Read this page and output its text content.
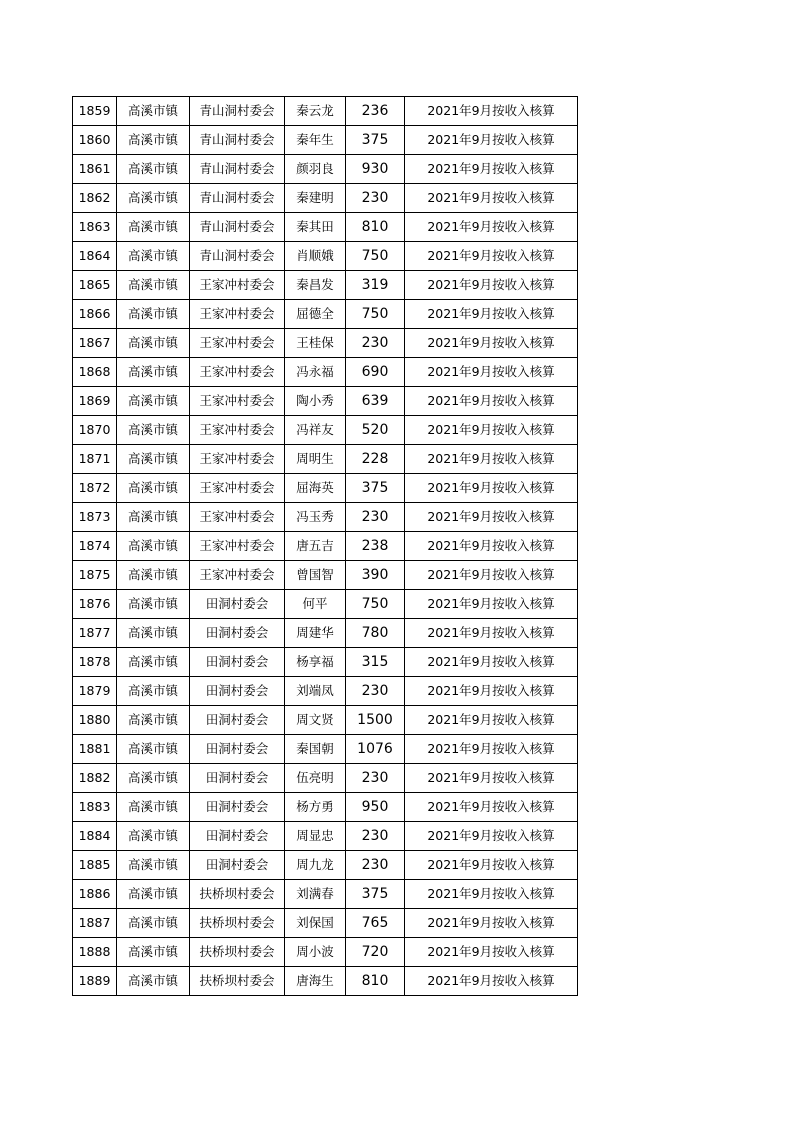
1859	高溪市镇	青山洞村委会	秦云龙	236	2021年9月按收入核算
1860	高溪市镇	青山洞村委会	秦年生	375	2021年9月按收入核算
1861	高溪市镇	青山洞村委会	颜羽良	930	2021年9月按收入核算
1862	高溪市镇	青山洞村委会	秦建明	230	2021年9月按收入核算
1863	高溪市镇	青山洞村委会	秦其田	810	2021年9月按收入核算
1864	高溪市镇	青山洞村委会	肖顺娥	750	2021年9月按收入核算
1865	高溪市镇	王家冲村委会	秦昌发	319	2021年9月按收入核算
1866	高溪市镇	王家冲村委会	屈德全	750	2021年9月按收入核算
1867	高溪市镇	王家冲村委会	王桂保	230	2021年9月按收入核算
1868	高溪市镇	王家冲村委会	冯永福	690	2021年9月按收入核算
1869	高溪市镇	王家冲村委会	陶小秀	639	2021年9月按收入核算
1870	高溪市镇	王家冲村委会	冯祥友	520	2021年9月按收入核算
1871	高溪市镇	王家冲村委会	周明生	228	2021年9月按收入核算
1872	高溪市镇	王家冲村委会	屈海英	375	2021年9月按收入核算
1873	高溪市镇	王家冲村委会	冯玉秀	230	2021年9月按收入核算
1874	高溪市镇	王家冲村委会	唐五吉	238	2021年9月按收入核算
1875	高溪市镇	王家冲村委会	曾国智	390	2021年9月按收入核算
1876	高溪市镇	田洞村委会	何平	750	2021年9月按收入核算
1877	高溪市镇	田洞村委会	周建华	780	2021年9月按收入核算
1878	高溪市镇	田洞村委会	杨享福	315	2021年9月按收入核算
1879	高溪市镇	田洞村委会	刘端凤	230	2021年9月按收入核算
1880	高溪市镇	田洞村委会	周文贤	1500	2021年9月按收入核算
1881	高溪市镇	田洞村委会	秦国朝	1076	2021年9月按收入核算
1882	高溪市镇	田洞村委会	伍亮明	230	2021年9月按收入核算
1883	高溪市镇	田洞村委会	杨方勇	950	2021年9月按收入核算
1884	高溪市镇	田洞村委会	周显忠	230	2021年9月按收入核算
1885	高溪市镇	田洞村委会	周九龙	230	2021年9月按收入核算
1886	高溪市镇	扶桥坝村委会	刘满春	375	2021年9月按收入核算
1887	高溪市镇	扶桥坝村委会	刘保国	765	2021年9月按收入核算
1888	高溪市镇	扶桥坝村委会	周小波	720	2021年9月按收入核算
1889	高溪市镇	扶桥坝村委会	唐海生	810	2021年9月按收入核算
